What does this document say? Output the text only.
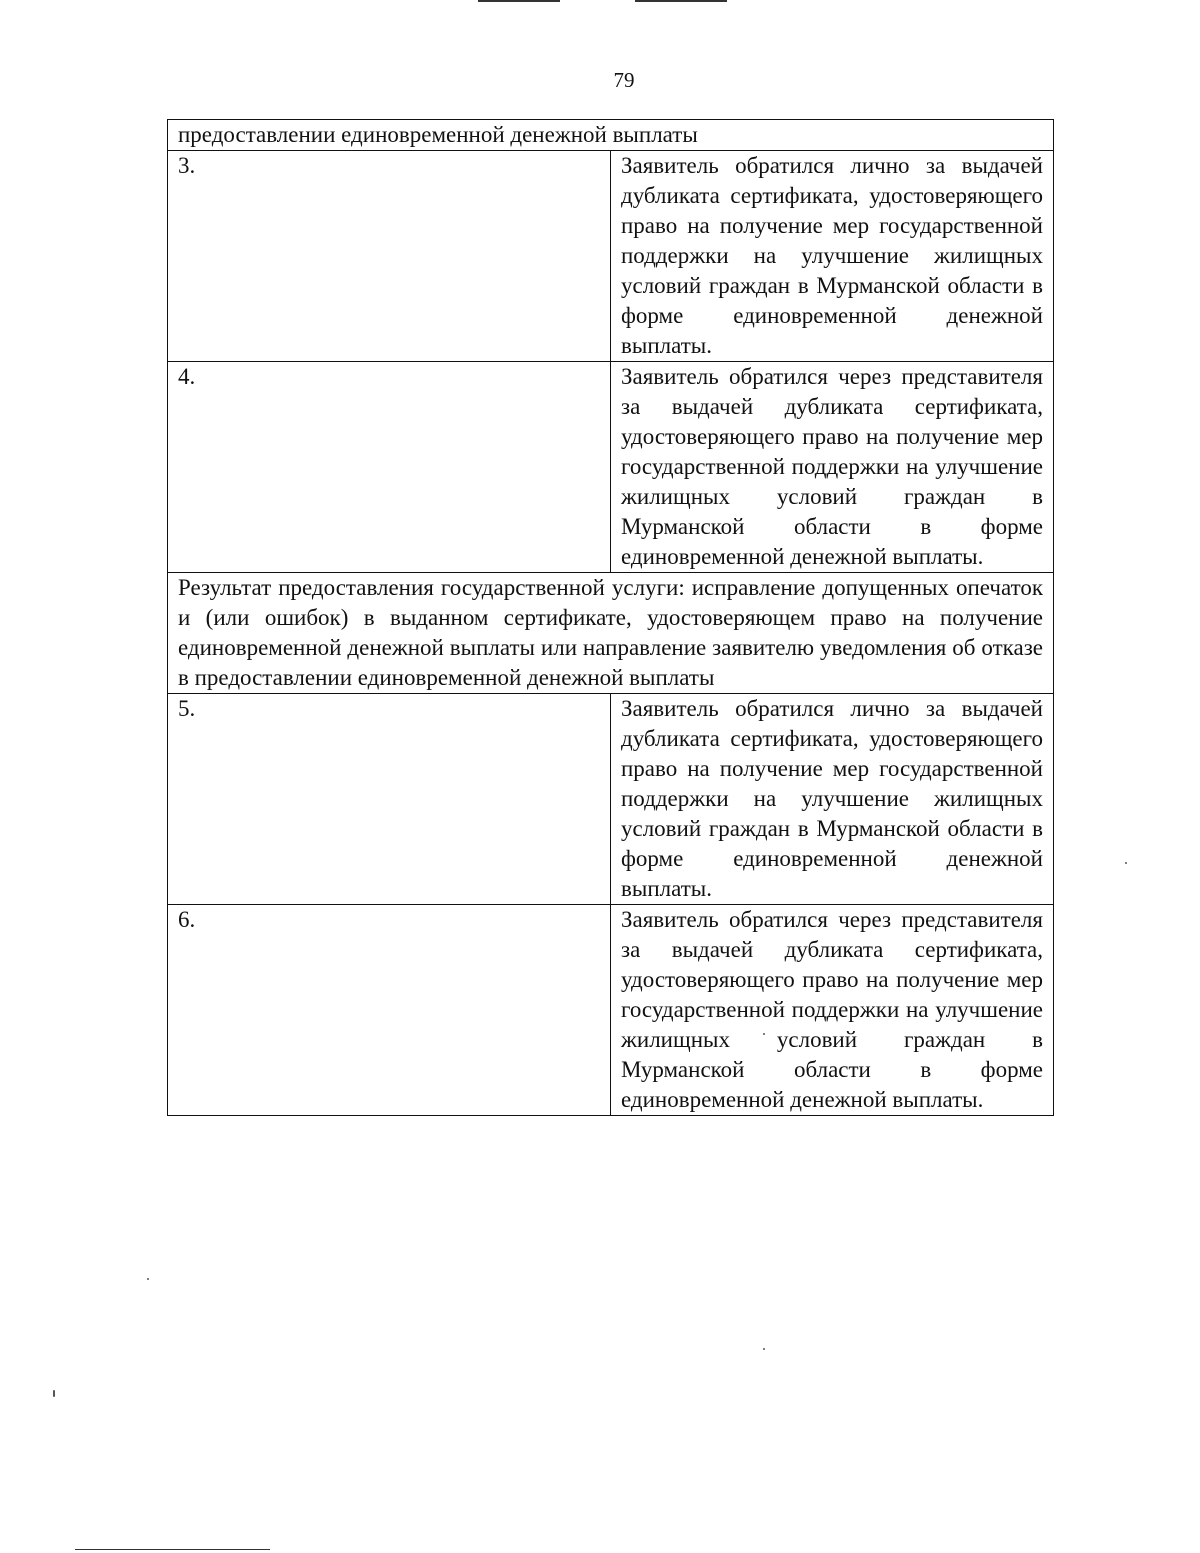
79
предоставлении единовременной денежной выплаты	
3.	Заявитель обратился лично за выдачей дубликата сертификата, удостоверяющего право на получение мер государственной поддержки на улучшение жилищных условий граждан в Мурманской области в форме единовременной денежной выплаты.
4.	Заявитель обратился через представителя за выдачей дубликата сертификата, удостоверяющего право на получение мер государственной поддержки на улучшение жилищных условий граждан в Мурманской области в форме единовременной денежной выплаты.
Результат предоставления государственной услуги: исправление допущенных опечаток и (или ошибок) в выданном сертификате, удостоверяющем право на получение единовременной денежной выплаты или направление заявителю уведомления об отказе в предоставлении единовременной денежной выплаты	
5.	Заявитель обратился лично за выдачей дубликата сертификата, удостоверяющего право на получение мер государственной поддержки на улучшение жилищных условий граждан в Мурманской области в форме единовременной денежной выплаты.
6.	Заявитель обратился через представителя за выдачей дубликата сертификата, удостоверяющего право на получение мер государственной поддержки на улучшение жилищных условий граждан в Мурманской области в форме единовременной денежной выплаты.
